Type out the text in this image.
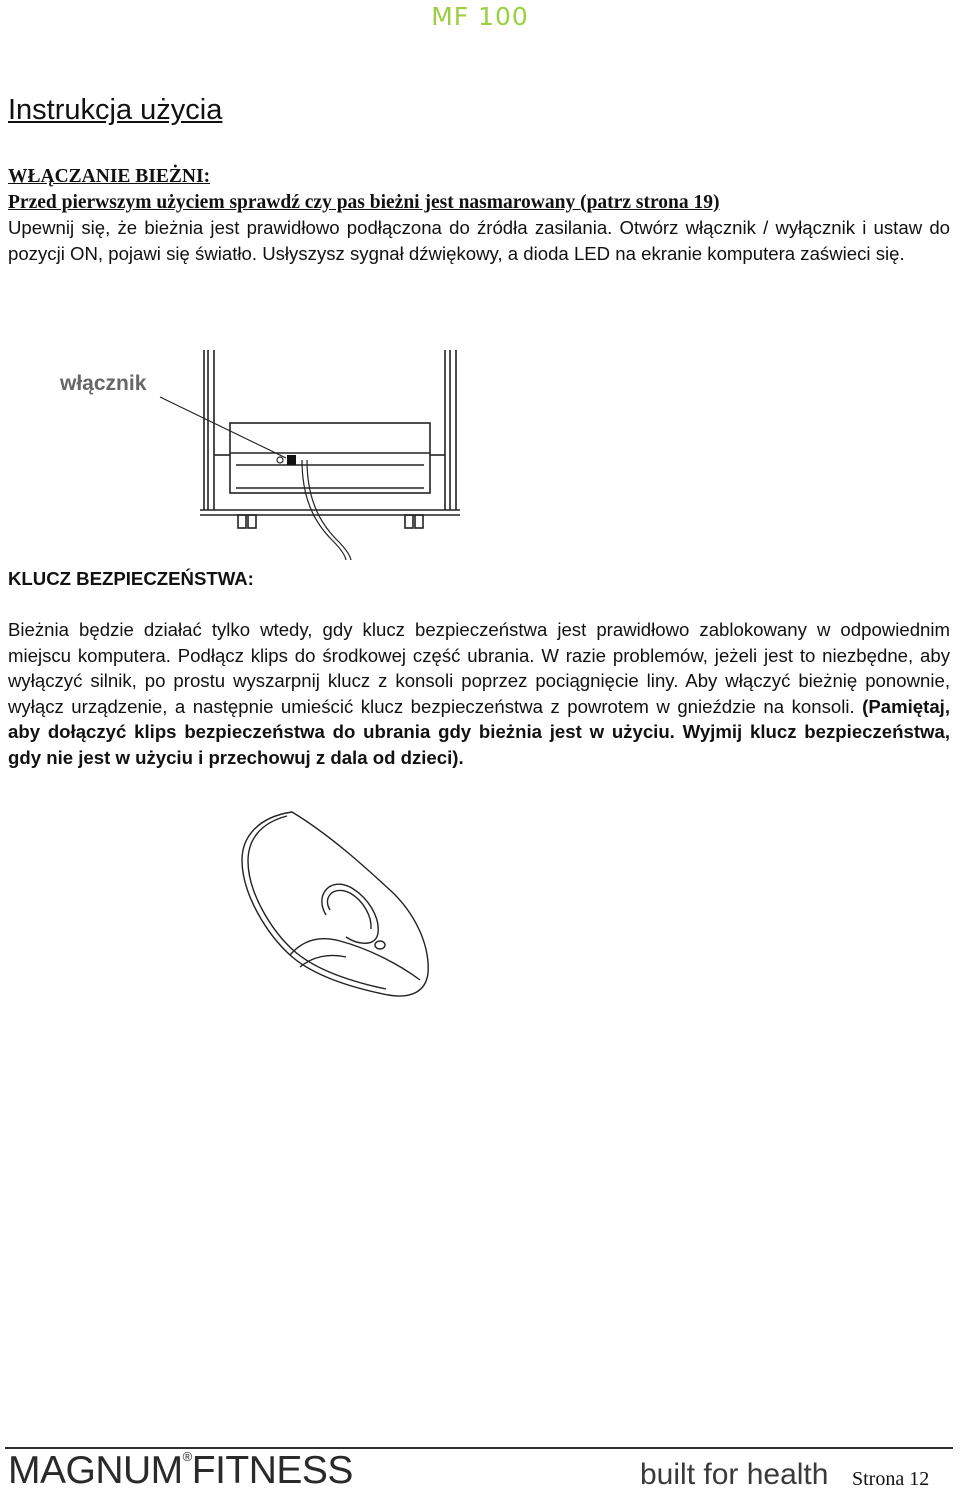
MF 100
Instrukcja użycia
WŁĄCZANIE BIEŻNI:
Przed pierwszym użyciem sprawdź czy pas bieżni jest nasmarowany (patrz strona 19)

Upewnij się, że bieżnia jest prawidłowo podłączona do źródła zasilania. Otwórz włącznik / wyłącznik i ustaw do pozycji ON, pojawi się światło. Usłyszysz sygnał dźwiękowy, a dioda LED na ekranie komputera zaświeci się.

włącznik
KLUCZ BEZPIECZEŃSTWA:

Bieżnia będzie działać tylko wtedy, gdy klucz bezpieczeństwa jest prawidłowo zablokowany w odpowiednim miejscu komputera. Podłącz klips do środkowej część ubrania. W razie problemów, jeżeli jest to niezbędne, aby wyłączyć silnik, po prostu wyszarpnij klucz z konsoli poprzez pociągnięcie liny. Aby włączyć bieżnię ponownie, wyłącz urządzenie, a następnie umieścić klucz bezpieczeństwa z powrotem w gnieździe na konsoli. (Pamiętaj, aby dołączyć klips bezpieczeństwa do ubrania gdy bieżnia jest w użyciu. Wyjmij klucz bezpieczeństwa, gdy nie jest w użyciu i przechowuj z dala od dzieci).

MAGNUM®FITNESS	built for health Strona 12
